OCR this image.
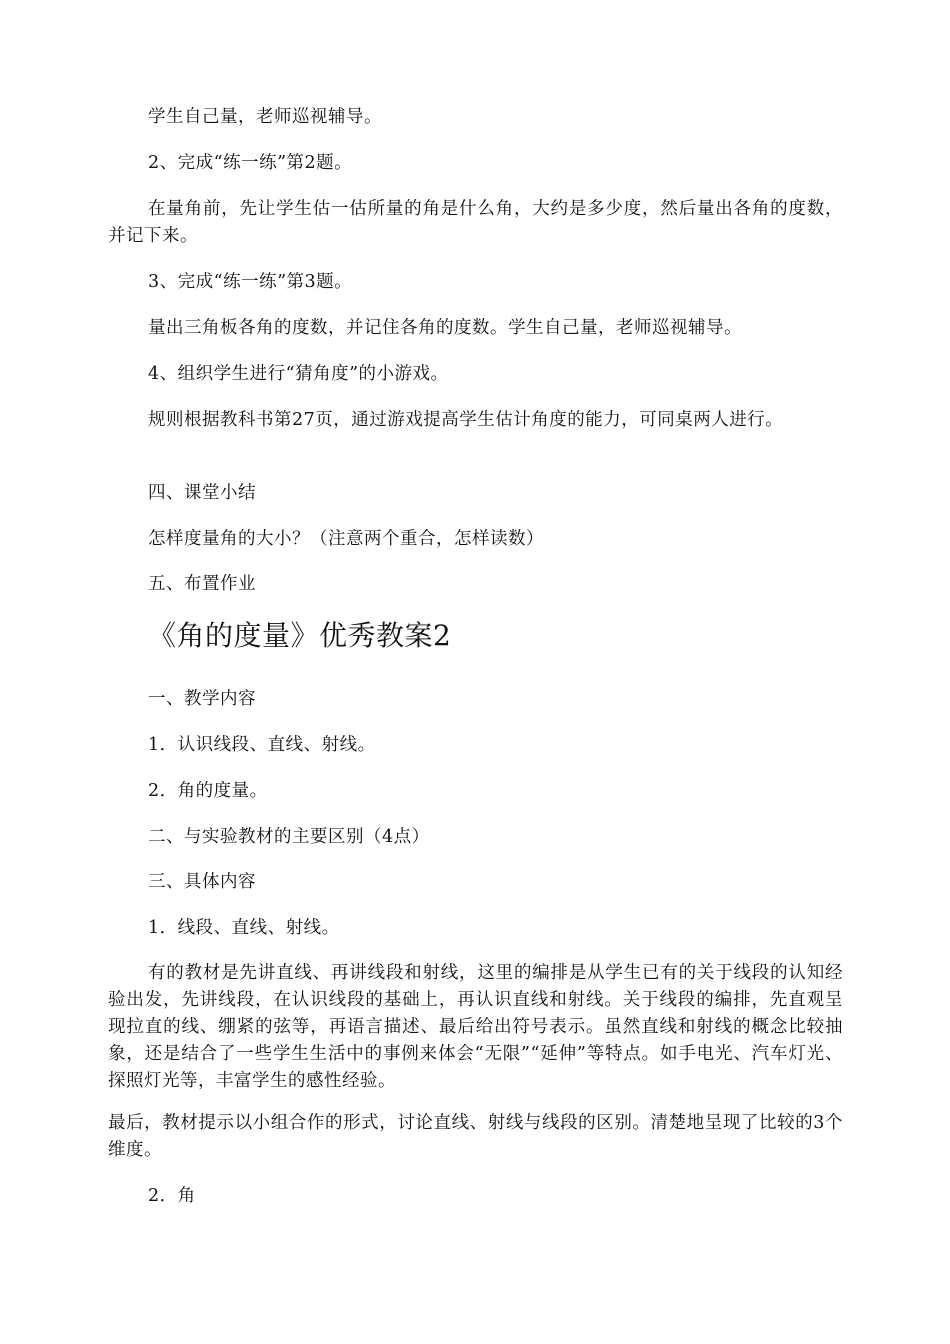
学生自己量，老师巡视辅导。

2、完成“练一练”第2题。

在量角前，先让学生估一估所量的角是什么角，大约是多少度，然后量出各角的度数，并记下来。

3、完成“练一练”第3题。

量出三角板各角的度数，并记住各角的度数。学生自己量，老师巡视辅导。

4、组织学生进行“猜角度”的小游戏。

规则根据教科书第27页，通过游戏提高学生估计角度的能力，可同桌两人进行。

四、课堂小结

怎样度量角的大小？（注意两个重合，怎样读数）

五、布置作业

《角的度量》优秀教案2

一、教学内容

1．认识线段、直线、射线。

2．角的度量。

二、与实验教材的主要区别（4点）

三、具体内容

1．线段、直线、射线。

有的教材是先讲直线、再讲线段和射线，这里的编排是从学生已有的关于线段的认知经验出发，先讲线段，在认识线段的基础上，再认识直线和射线。关于线段的编排，先直观呈现拉直的线、绷紧的弦等，再语言描述、最后给出符号表示。虽然直线和射线的概念比较抽象，还是结合了一些学生生活中的事例来体会“无限”“延伸”等特点。如手电光、汽车灯光、探照灯光等，丰富学生的感性经验。

最后，教材提示以小组合作的形式，讨论直线、射线与线段的区别。清楚地呈现了比较的3个维度。

2．角
